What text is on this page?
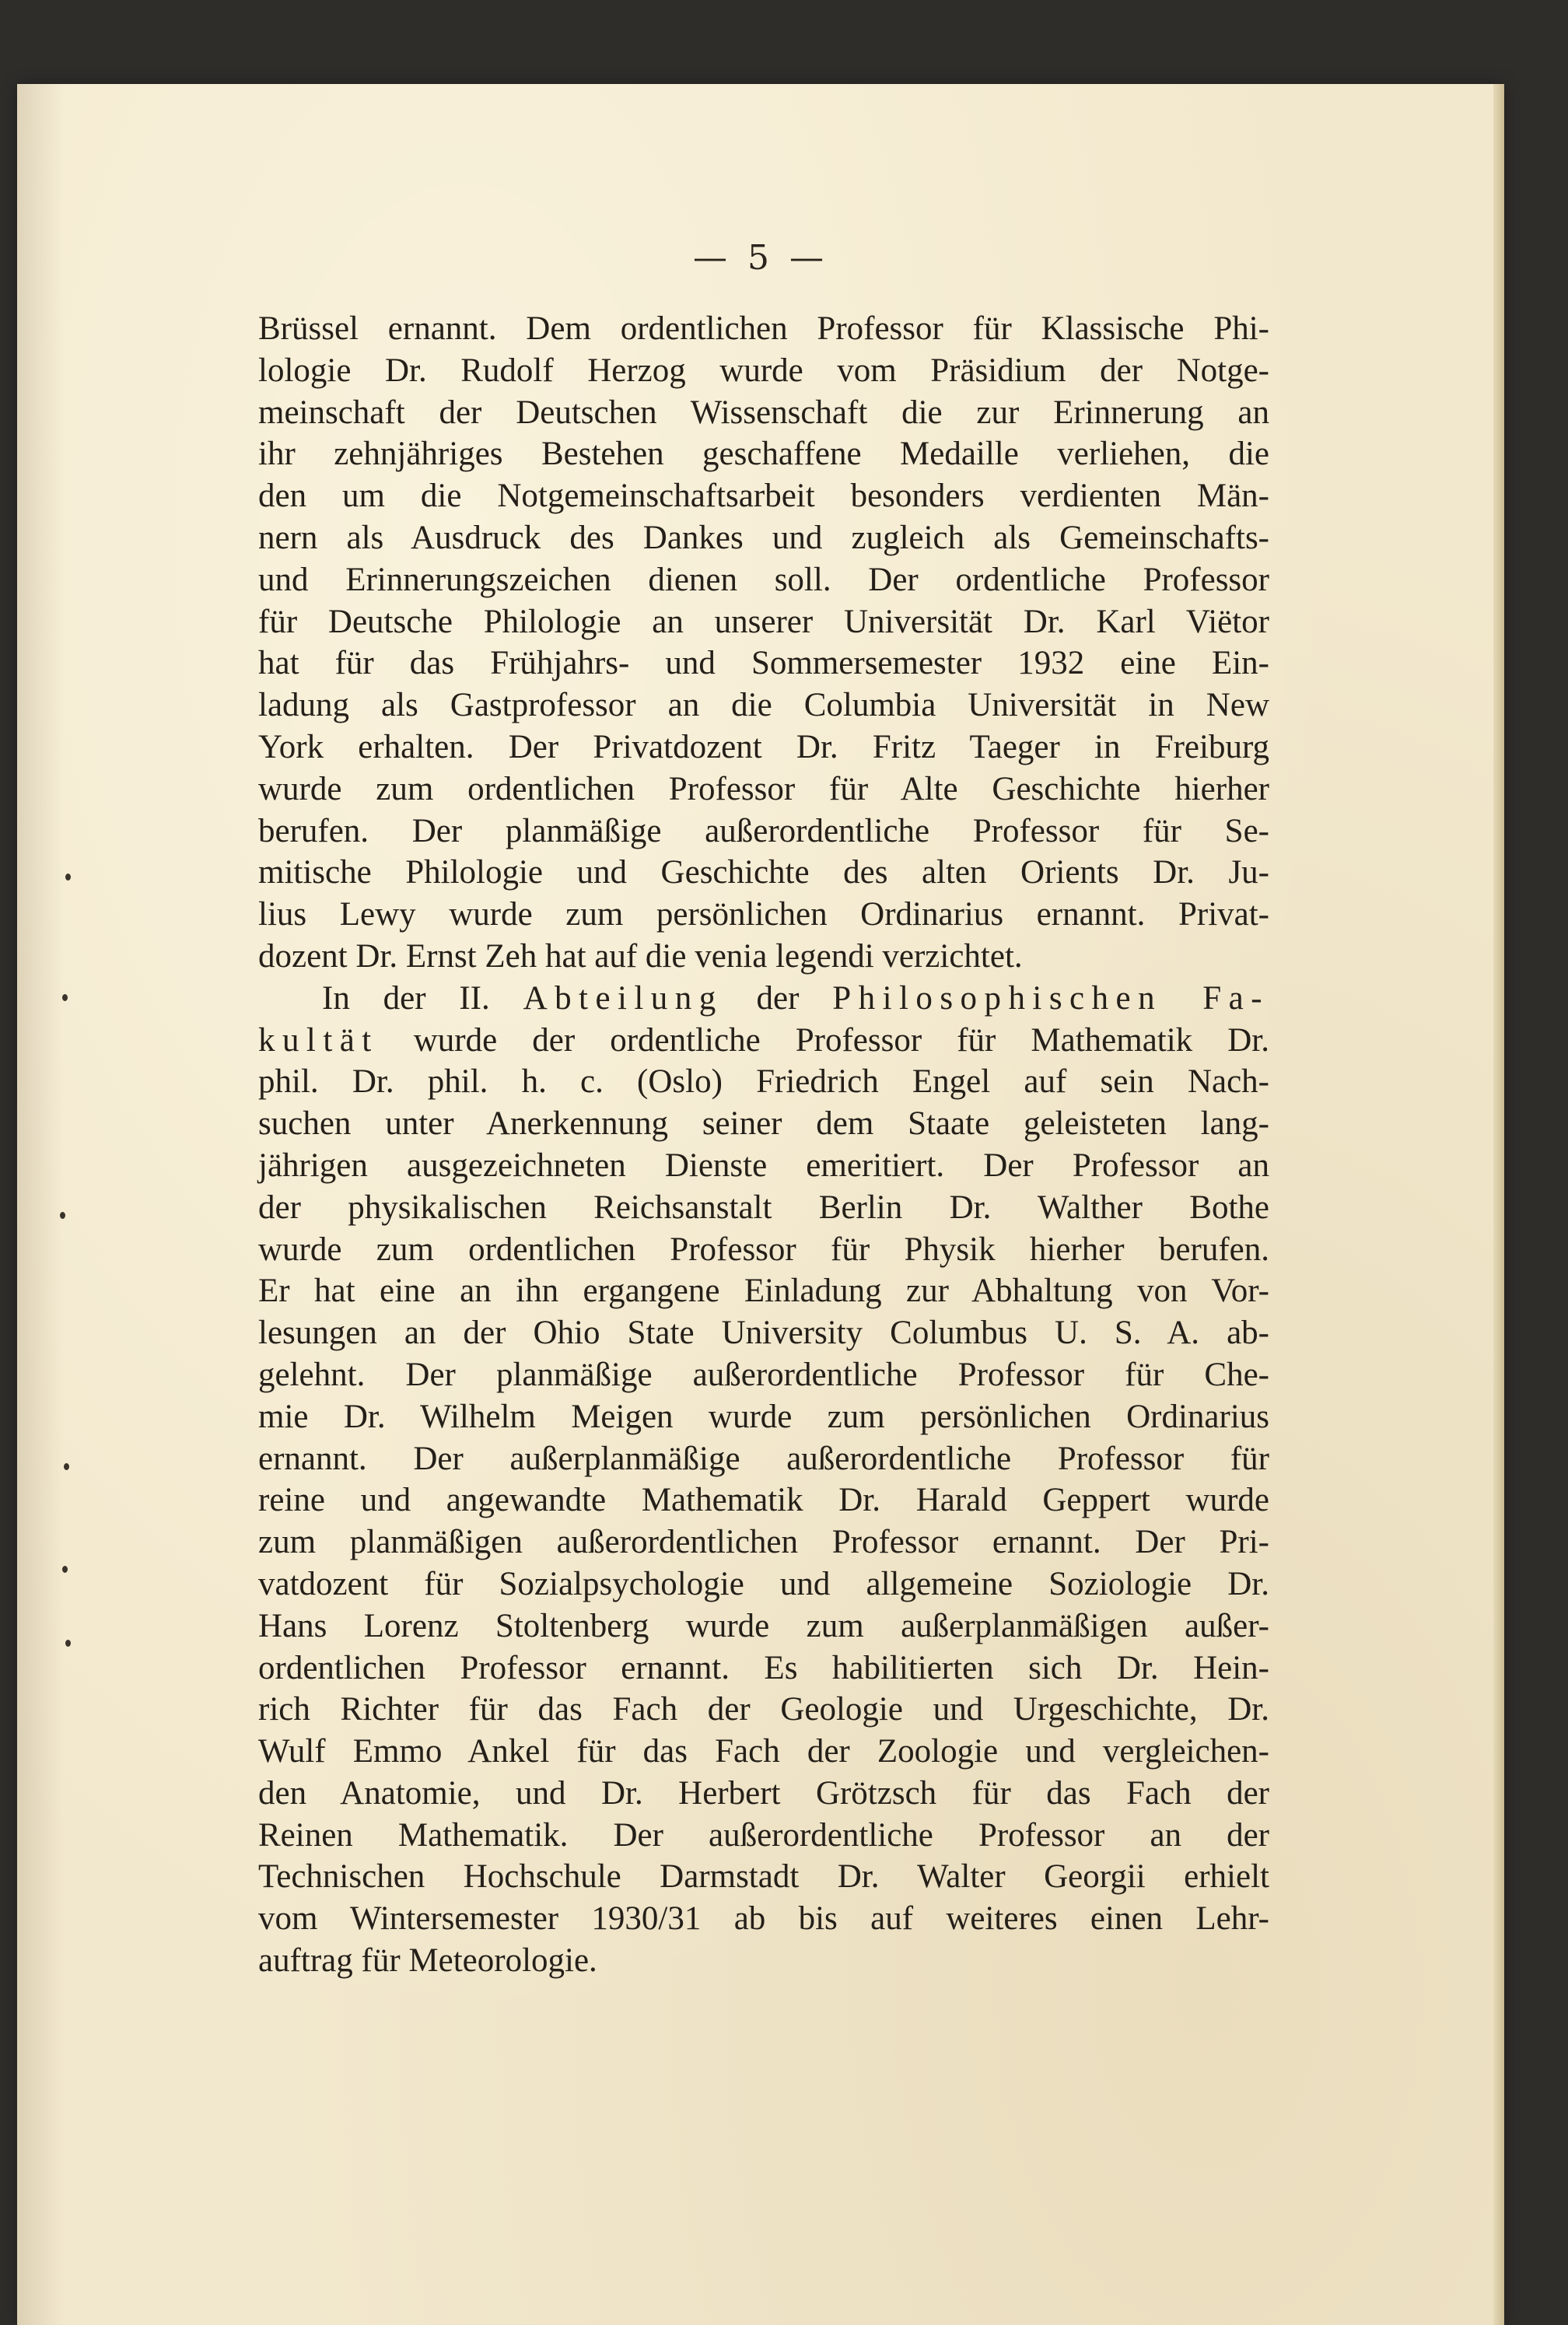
— 5 —
Brüssel ernannt. Dem ordentlichen Professor für Klassische Phi-
lologie Dr. Rudolf Herzog wurde vom Präsidium der Notge-
meinschaft der Deutschen Wissenschaft die zur Erinnerung an
ihr zehnjähriges Bestehen geschaffene Medaille verliehen, die
den um die Notgemeinschaftsarbeit besonders verdienten Män-
nern als Ausdruck des Dankes und zugleich als Gemeinschafts-
und Erinnerungszeichen dienen soll. Der ordentliche Professor
für Deutsche Philologie an unserer Universität Dr. Karl Viëtor
hat für das Frühjahrs- und Sommersemester 1932 eine Ein-
ladung als Gastprofessor an die Columbia Universität in New
York erhalten. Der Privatdozent Dr. Fritz Taeger in Freiburg
wurde zum ordentlichen Professor für Alte Geschichte hierher
berufen. Der planmäßige außerordentliche Professor für Se-
mitische Philologie und Geschichte des alten Orients Dr. Ju-
lius Lewy wurde zum persönlichen Ordinarius ernannt. Privat-
dozent Dr. Ernst Zeh hat auf die venia legendi verzichtet.
In der II. Abteilung der Philosophischen Fa-
kultät wurde der ordentliche Professor für Mathematik Dr.
phil. Dr. phil. h. c. (Oslo) Friedrich Engel auf sein Nach-
suchen unter Anerkennung seiner dem Staate geleisteten lang-
jährigen ausgezeichneten Dienste emeritiert. Der Professor an
der physikalischen Reichsanstalt Berlin Dr. Walther Bothe
wurde zum ordentlichen Professor für Physik hierher berufen.
Er hat eine an ihn ergangene Einladung zur Abhaltung von Vor-
lesungen an der Ohio State University Columbus U. S. A. ab-
gelehnt. Der planmäßige außerordentliche Professor für Che-
mie Dr. Wilhelm Meigen wurde zum persönlichen Ordinarius
ernannt. Der außerplanmäßige außerordentliche Professor für
reine und angewandte Mathematik Dr. Harald Geppert wurde
zum planmäßigen außerordentlichen Professor ernannt. Der Pri-
vatdozent für Sozialpsychologie und allgemeine Soziologie Dr.
Hans Lorenz Stoltenberg wurde zum außerplanmäßigen außer-
ordentlichen Professor ernannt. Es habilitierten sich Dr. Hein-
rich Richter für das Fach der Geologie und Urgeschichte, Dr.
Wulf Emmo Ankel für das Fach der Zoologie und vergleichen-
den Anatomie, und Dr. Herbert Grötzsch für das Fach der
Reinen Mathematik. Der außerordentliche Professor an der
Technischen Hochschule Darmstadt Dr. Walter Georgii erhielt
vom Wintersemester 1930/31 ab bis auf weiteres einen Lehr-
auftrag für Meteorologie.
